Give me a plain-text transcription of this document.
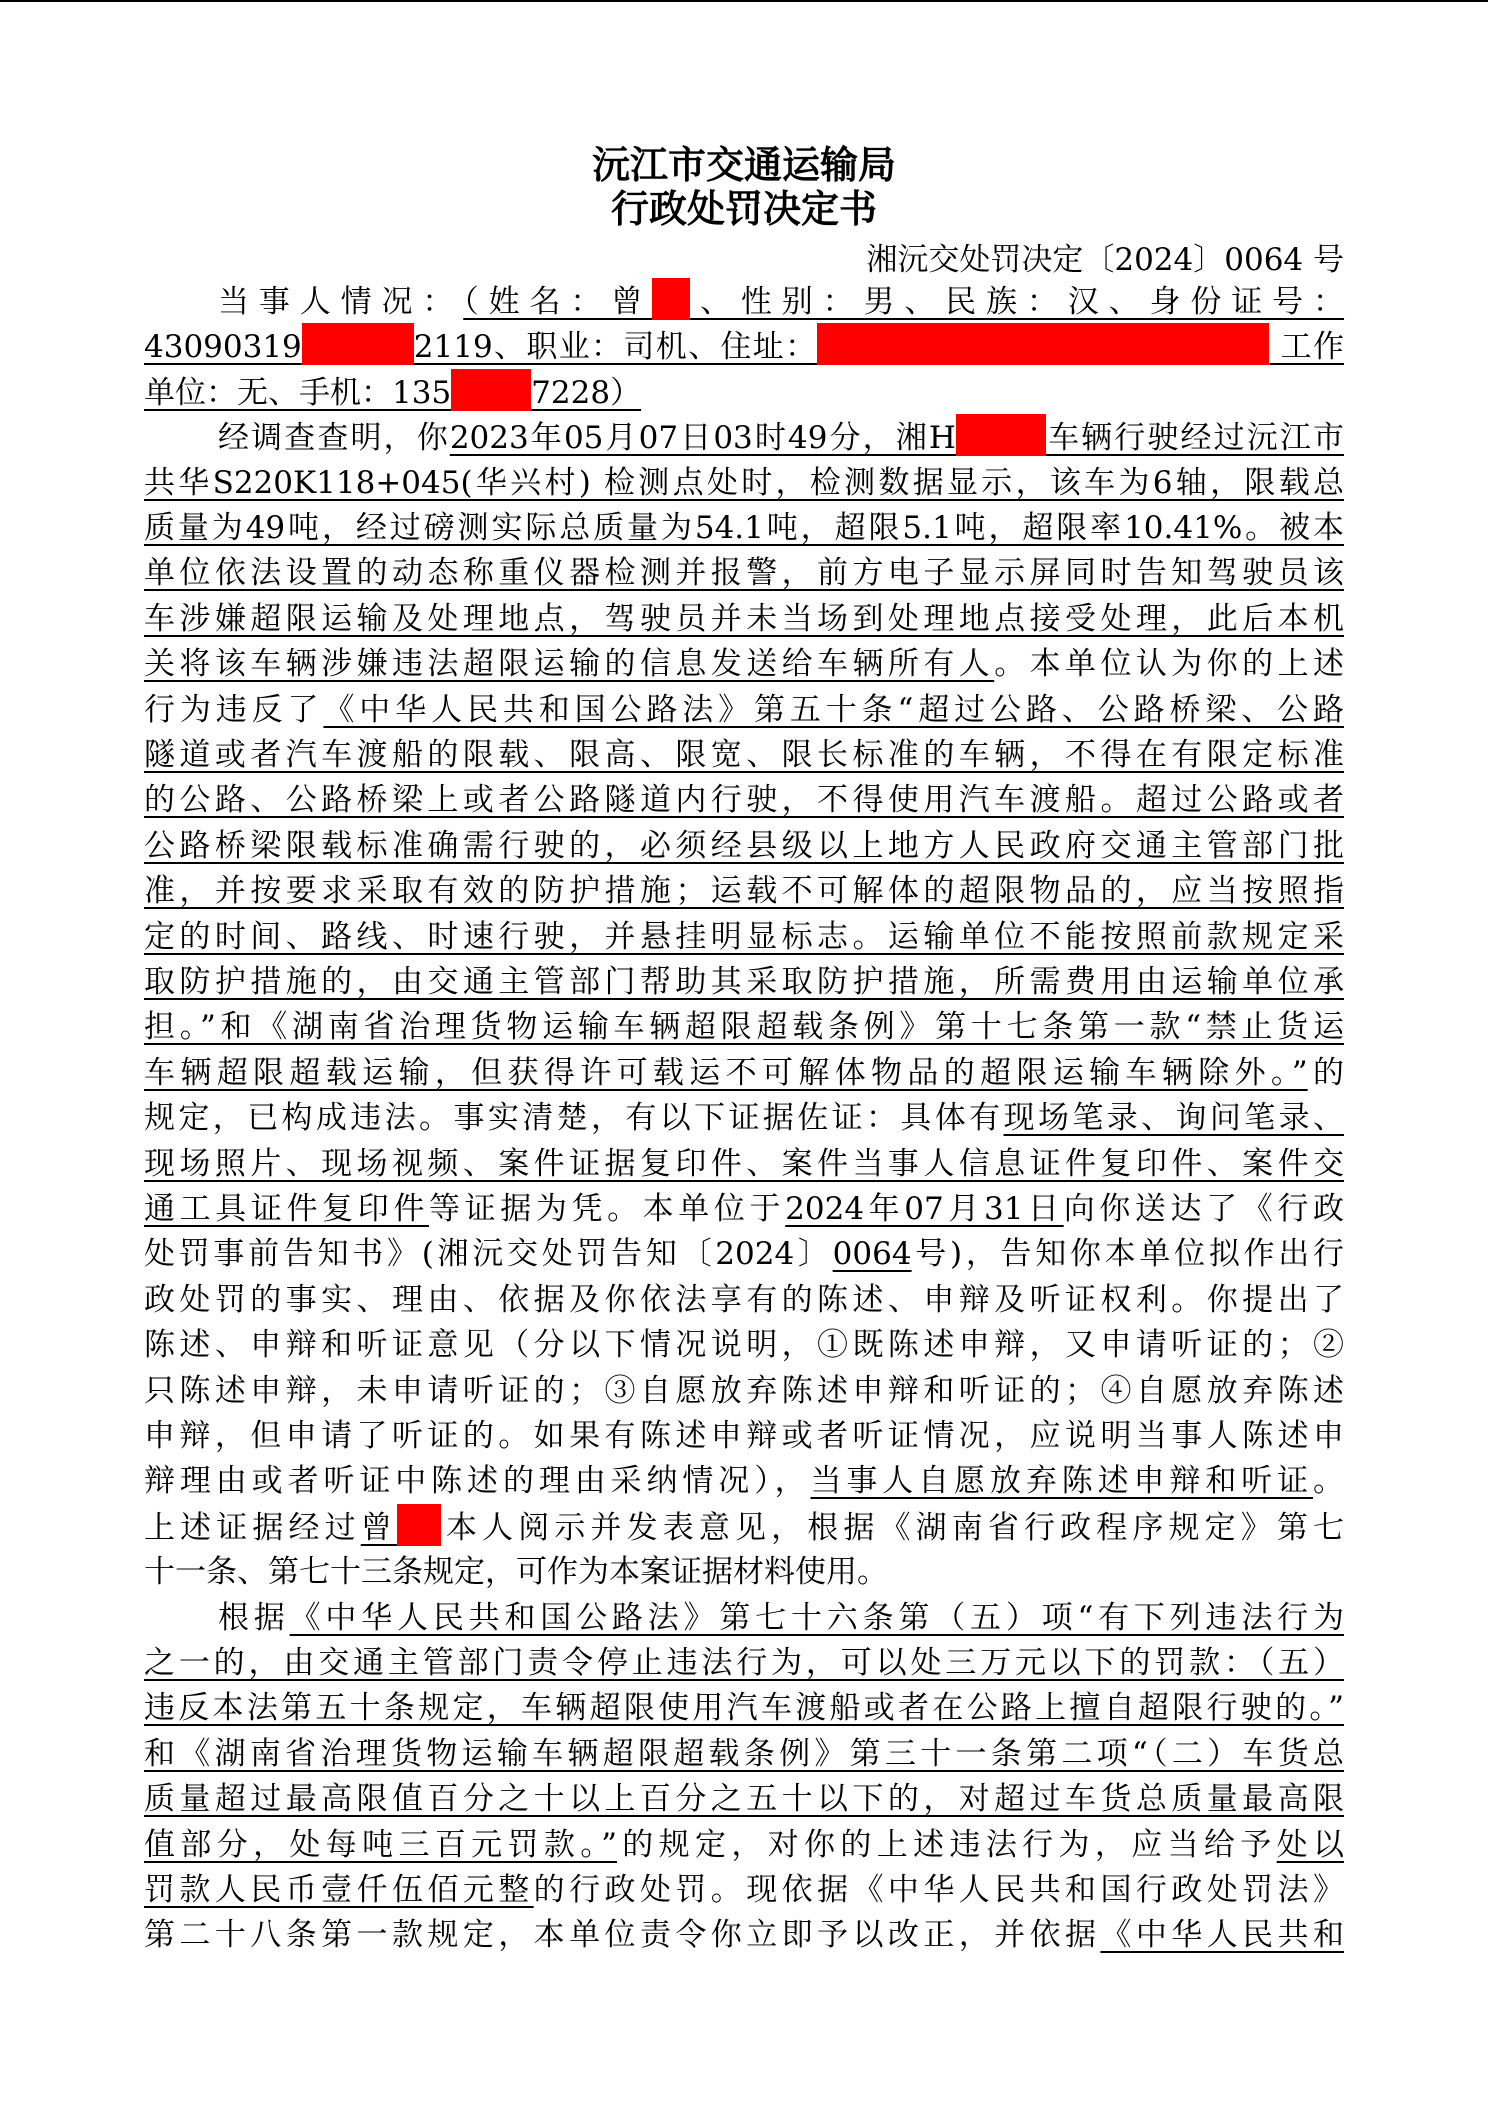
沅江市交通运输局
行政处罚决定书
湘沅交处罚决定〔2024〕0064 号
当事人情况：（姓名：曾 、性别：男、民族：汉、身份证号：
43090319	2119、职业：司机、住址：	工作
单位：无、手机：135	7228）
经调查查明，你2023年05月07日03时49分，湘H	车辆行驶经过沅江市
共华S220K118+045(华兴村) 检测点处时，检测数据显示，该车为6轴，限载总
质量为49吨，经过磅测实际总质量为54.1吨，超限5.1吨，超限率10.41%。被本
单位依法设置的动态称重仪器检测并报警，前方电子显示屏同时告知驾驶员该
车涉嫌超限运输及处理地点，驾驶员并未当场到处理地点接受处理，此后本机
关将该车辆涉嫌违法超限运输的信息发送给车辆所有人。本单位认为你的上述
行为违反了《中华人民共和国公路法》第五十条“超过公路、公路桥梁、公路
隧道或者汽车渡船的限载、限高、限宽、限长标准的车辆，不得在有限定标准
的公路、公路桥梁上或者公路隧道内行驶，不得使用汽车渡船。超过公路或者
公路桥梁限载标准确需行驶的，必须经县级以上地方人民政府交通主管部门批
准，并按要求采取有效的防护措施；运载不可解体的超限物品的，应当按照指
定的时间、路线、时速行驶，并悬挂明显标志。运输单位不能按照前款规定采
取防护措施的，由交通主管部门帮助其采取防护措施，所需费用由运输单位承
担。”和《湖南省治理货物运输车辆超限超载条例》第十七条第一款“禁止货运
车辆超限超载运输，但获得许可载运不可解体物品的超限运输车辆除外。”的
规定，已构成违法。事实清楚，有以下证据佐证：具体有现场笔录、询问笔录、
现场照片、现场视频、案件证据复印件、案件当事人信息证件复印件、案件交
通工具证件复印件等证据为凭。本单位于2024年07月31日向你送达了《行政
处罚事前告知书》(湘沅交处罚告知〔2024〕0064号)，告知你本单位拟作出行
政处罚的事实、理由、依据及你依法享有的陈述、申辩及听证权利。你提出了
陈述、申辩和听证意见（分以下情况说明，①既陈述申辩，又申请听证的；②
只陈述申辩，未申请听证的；③自愿放弃陈述申辩和听证的；④自愿放弃陈述
申辩，但申请了听证的。如果有陈述申辩或者听证情况，应说明当事人陈述申
辩理由或者听证中陈述的理由采纳情况），当事人自愿放弃陈述申辩和听证。
上述证据经过曾 本人阅示并发表意见，根据《湖南省行政程序规定》第七
十一条、第七十三条规定，可作为本案证据材料使用。
根据《中华人民共和国公路法》第七十六条第（五）项“有下列违法行为
之一的，由交通主管部门责令停止违法行为，可以处三万元以下的罚款：（五）
违反本法第五十条规定，车辆超限使用汽车渡船或者在公路上擅自超限行驶的。”
和《湖南省治理货物运输车辆超限超载条例》第三十一条第二项“（二）车货总
质量超过最高限值百分之十以上百分之五十以下的，对超过车货总质量最高限
值部分，处每吨三百元罚款。”的规定，对你的上述违法行为，应当给予处以
罚款人民币壹仟伍佰元整的行政处罚。现依据《中华人民共和国行政处罚法》
第二十八条第一款规定，本单位责令你立即予以改正，并依据《中华人民共和
